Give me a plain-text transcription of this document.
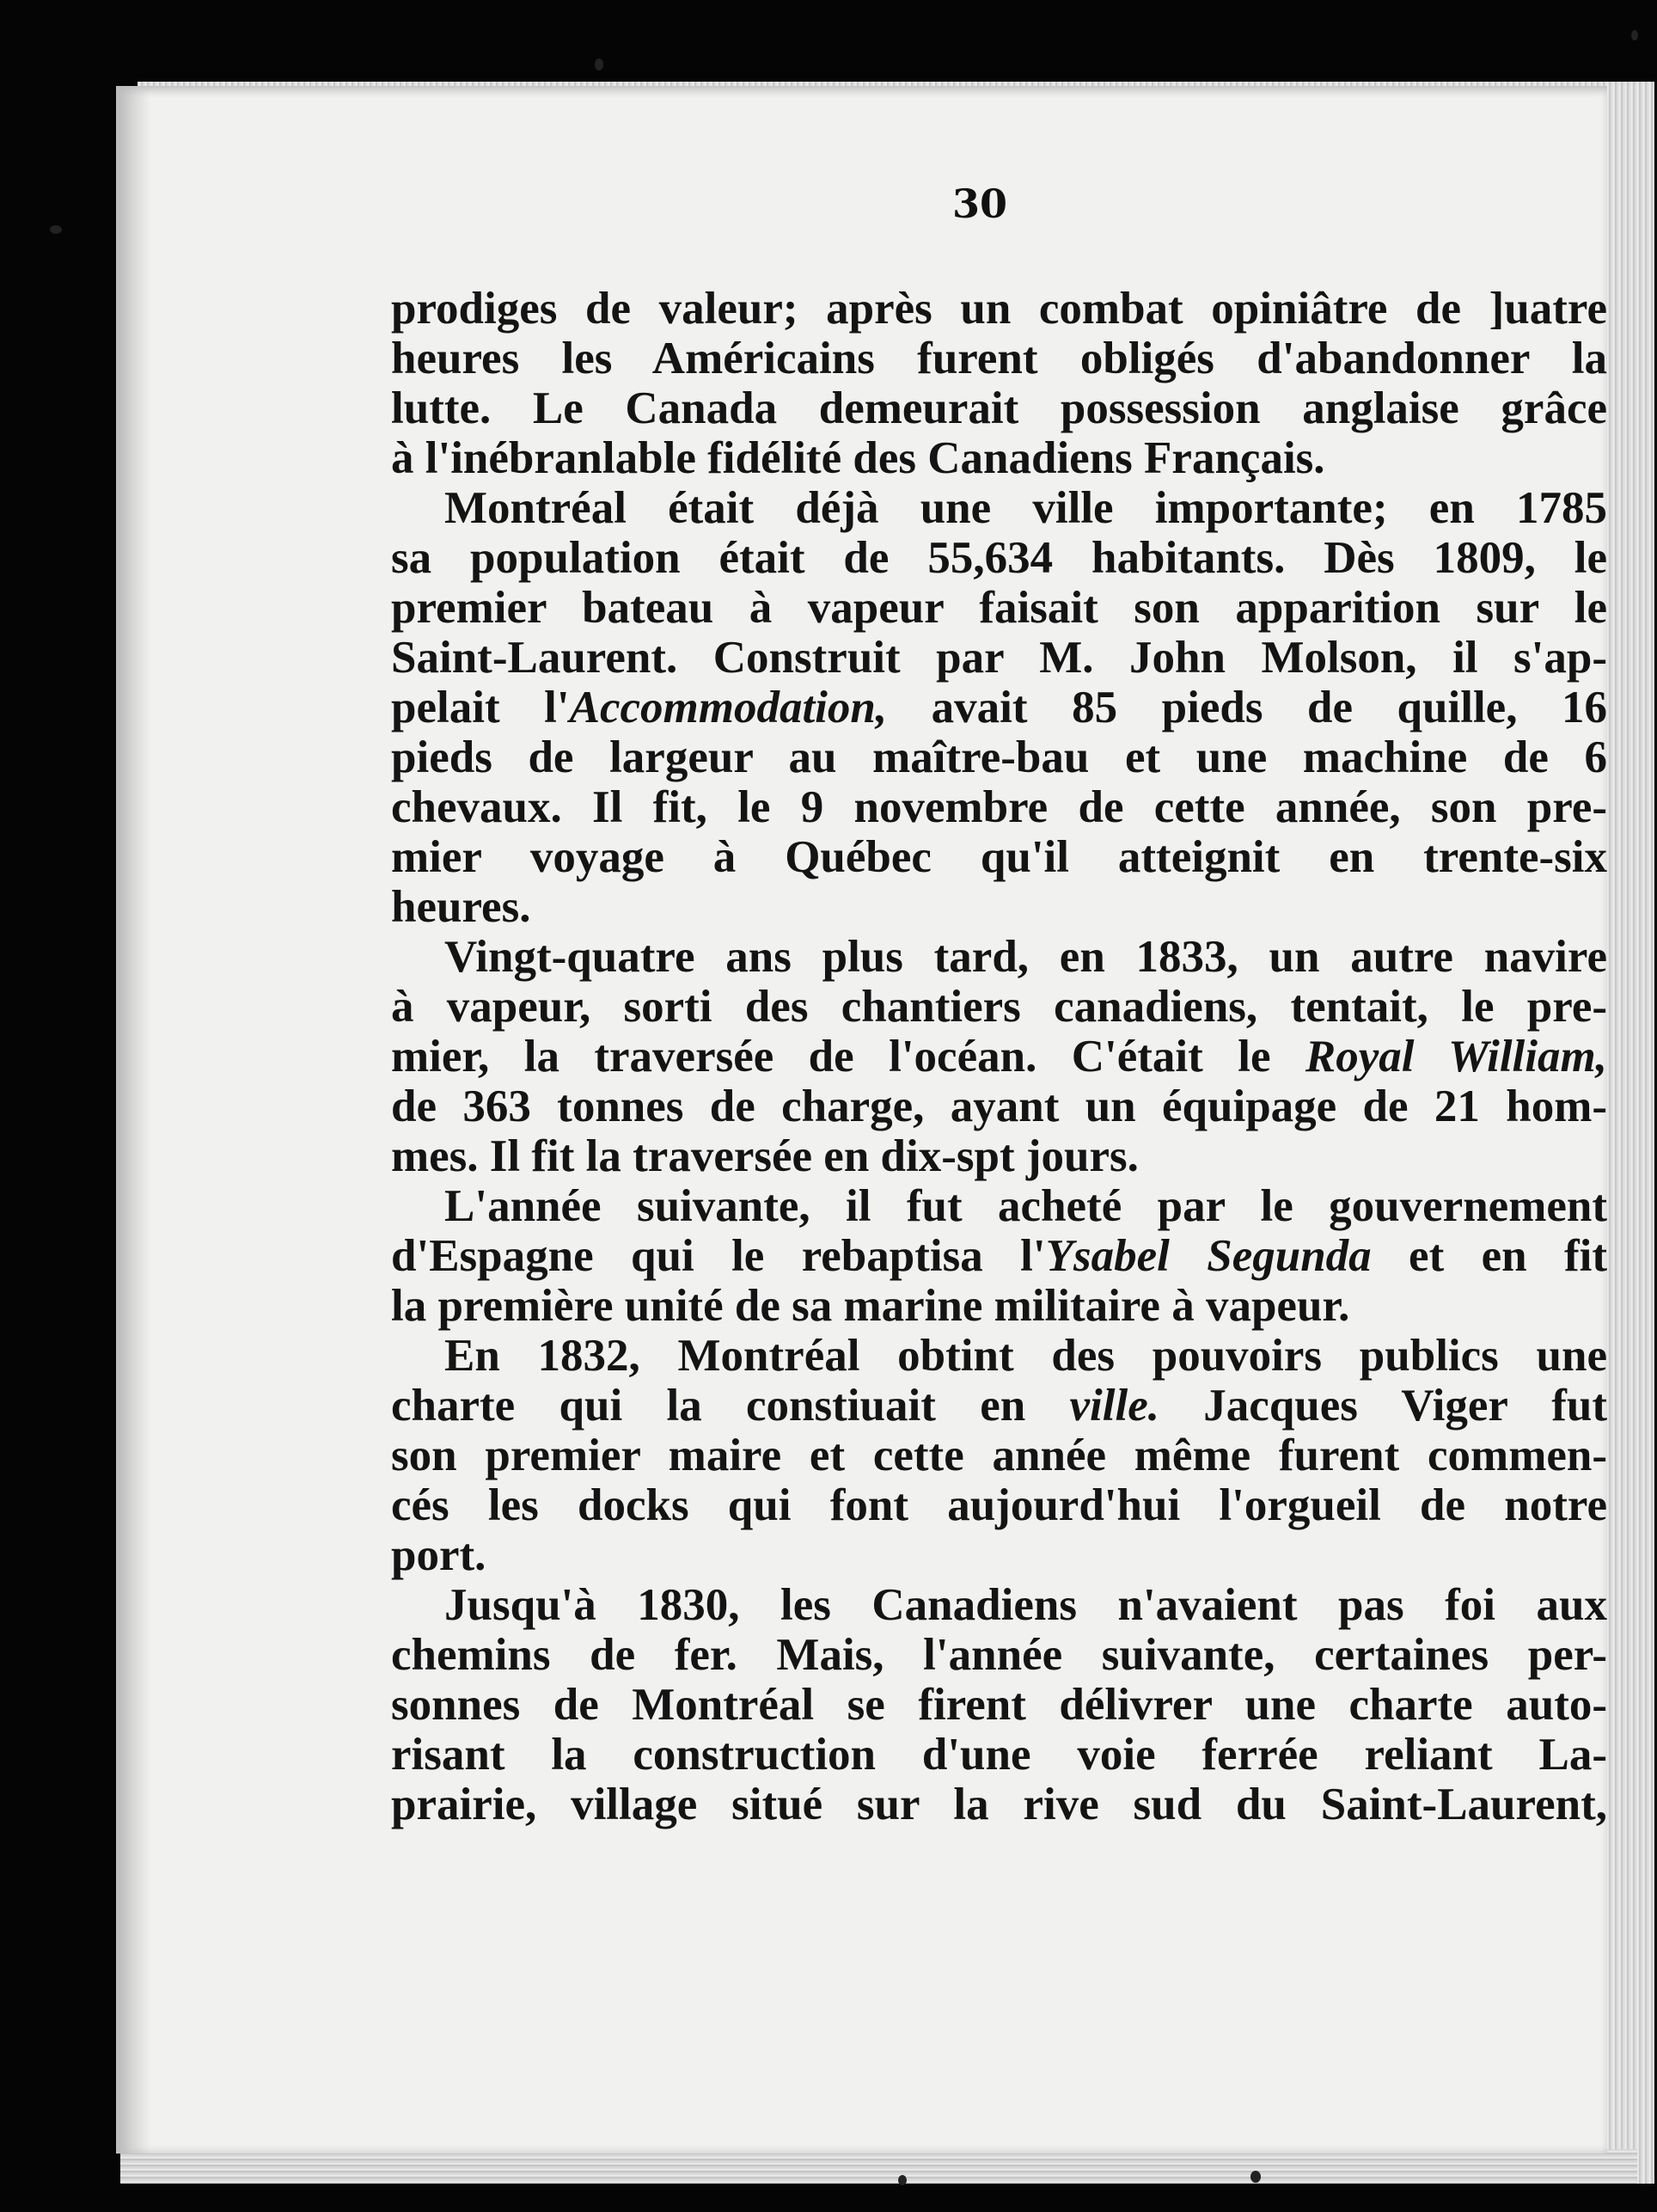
30
prodiges de valeur; après un combat opiniâtre de ]uatre
heures les Américains furent obligés d'abandonner la
lutte. Le Canada demeurait possession anglaise grâce
à l'inébranlable fidélité des Canadiens Français.
Montréal était déjà une ville importante; en 1785
sa population était de 55,634 habitants. Dès 1809, le
premier bateau à vapeur faisait son apparition sur le
Saint-Laurent. Construit par M. John Molson, il s'ap-
pelait l'Accommodation, avait 85 pieds de quille, 16
pieds de largeur au maître-bau et une machine de 6
chevaux. Il fit, le 9 novembre de cette année, son pre-
mier voyage à Québec qu'il atteignit en trente-six
heures.
Vingt-quatre ans plus tard, en 1833, un autre navire
à vapeur, sorti des chantiers canadiens, tentait, le pre-
mier, la traversée de l'océan. C'était le Royal William,
de 363 tonnes de charge, ayant un équipage de 21 hom-
mes. Il fit la traversée en dix-spt jours.
L'année suivante, il fut acheté par le gouvernement
d'Espagne qui le rebaptisa l'Ysabel Segunda et en fit
la première unité de sa marine militaire à vapeur.
En 1832, Montréal obtint des pouvoirs publics une
charte qui la constiuait en ville. Jacques Viger fut
son premier maire et cette année même furent commen-
cés les docks qui font aujourd'hui l'orgueil de notre
port.
Jusqu'à 1830, les Canadiens n'avaient pas foi aux
chemins de fer. Mais, l'année suivante, certaines per-
sonnes de Montréal se firent délivrer une charte auto-
risant la construction d'une voie ferrée reliant La-
prairie, village situé sur la rive sud du Saint-Laurent,
